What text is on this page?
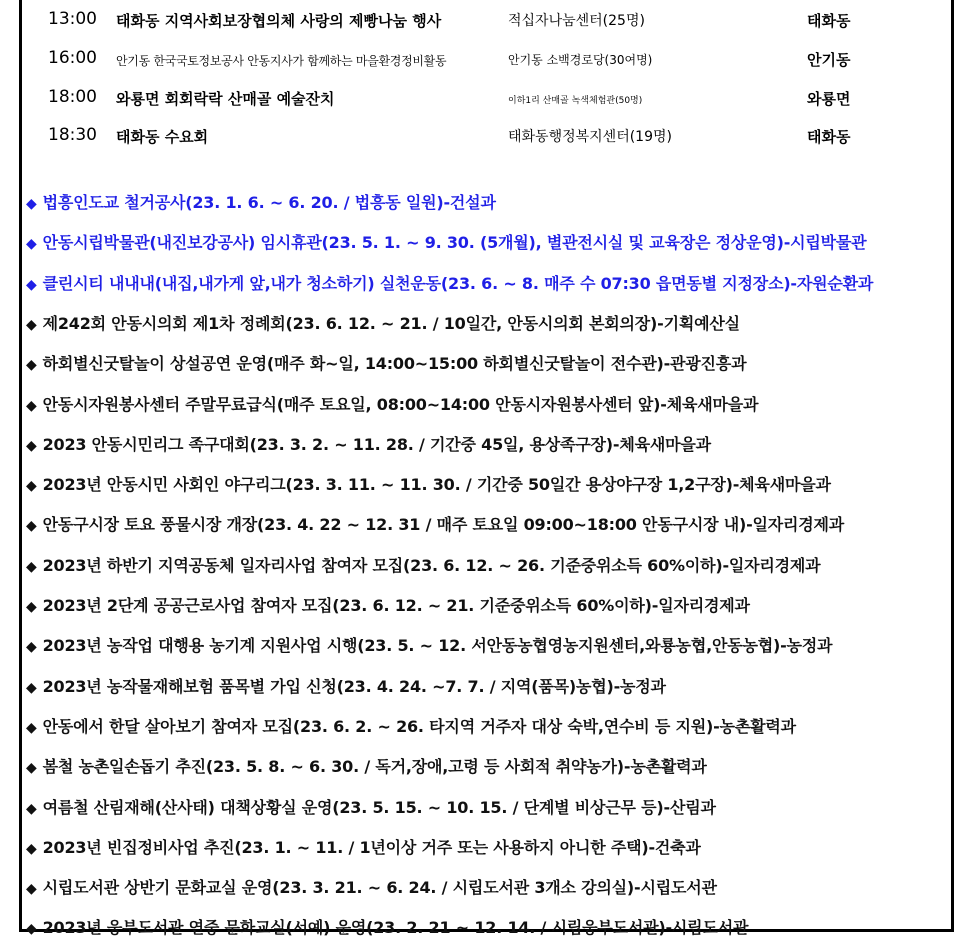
13:00 태화동 지역사회보장협의체 사랑의 제빵나눔 행사	적십자나눔센터(25명)	태화동
16:00 안기동 한국국토정보공사 안동지사가 함께하는 마을환경정비활동	안기동 소백경로당(30여명)	안기동
18:00 와룡면 회회락락 산매골 예술잔치	이하1리 산매골 녹색체험관(50명)	와룡면
18:30 태화동 수요회	태화동행정복지센터(19명)	태화동
◆ 법흥인도교 철거공사(23. 1. 6. ~ 6. 20. / 법흥동 일원)-건설과
◆ 안동시립박물관(내진보강공사) 임시휴관(23. 5. 1. ~ 9. 30. (5개월), 별관전시실 및 교육장은 정상운영)-시립박물관
◆ 클린시티 내내내(내집,내가게 앞,내가 청소하기) 실천운동(23. 6. ~ 8. 매주 수 07:30 읍면동별 지정장소)-자원순환과
◆ 제242회 안동시의회 제1차 정례회(23. 6. 12. ~ 21. / 10일간, 안동시의회 본회의장)-기획예산실
◆ 하회별신굿탈놀이 상설공연 운영(매주 화~일, 14:00~15:00 하회별신굿탈놀이 전수관)-관광진흥과
◆ 안동시자원봉사센터 주말무료급식(매주 토요일, 08:00~14:00 안동시자원봉사센터 앞)-체육새마을과
◆ 2023 안동시민리그 족구대회(23. 3. 2. ~ 11. 28. / 기간중 45일, 용상족구장)-체육새마을과
◆ 2023년 안동시민 사회인 야구리그(23. 3. 11. ~ 11. 30. / 기간중 50일간 용상야구장 1,2구장)-체육새마을과
◆ 안동구시장 토요 풍물시장 개장(23. 4. 22 ~ 12. 31 / 매주 토요일 09:00~18:00 안동구시장 내)-일자리경제과
◆ 2023년 하반기 지역공동체 일자리사업 참여자 모집(23. 6. 12. ~ 26. 기준중위소득 60%이하)-일자리경제과
◆ 2023년 2단계 공공근로사업 참여자 모집(23. 6. 12. ~ 21. 기준중위소득 60%이하)-일자리경제과
◆ 2023년 농작업 대행용 농기계 지원사업 시행(23. 5. ~ 12. 서안동농협영농지원센터,와룡농협,안동농협)-농정과
◆ 2023년 농작물재해보험 품목별 가입 신청(23. 4. 24. ~7. 7. / 지역(품목)농협)-농정과
◆ 안동에서 한달 살아보기 참여자 모집(23. 6. 2. ~ 26. 타지역 거주자 대상 숙박,연수비 등 지원)-농촌활력과
◆ 봄철 농촌일손돕기 추진(23. 5. 8. ~ 6. 30. / 독거,장애,고령 등 사회적 취약농가)-농촌활력과
◆ 여름철 산림재해(산사태) 대책상황실 운영(23. 5. 15. ~ 10. 15. / 단계별 비상근무 등)-산림과
◆ 2023년 빈집정비사업 추진(23. 1. ~ 11. / 1년이상 거주 또는 사용하지 아니한 주택)-건축과
◆ 시립도서관 상반기 문화교실 운영(23. 3. 21. ~ 6. 24. / 시립도서관 3개소 강의실)-시립도서관
◆ 2023년 웅부도서관 연중 문화교실(서예) 운영(23. 2. 21 ~ 12. 14. / 시립웅부도서관)-시립도서관
